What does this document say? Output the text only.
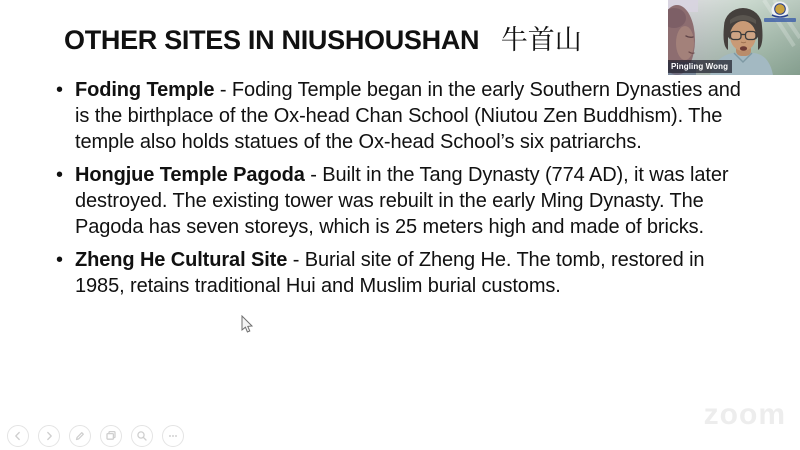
OTHER SITES IN NIUSHOUSHAN 牛首山
• Foding Temple - Foding Temple began in the early Southern Dynasties and is the birthplace of the Ox-head Chan School (Niutou Zen Buddhism). The temple also holds statues of the Ox-head School’s six patriarchs.
• Hongjue Temple Pagoda - Built in the Tang Dynasty (774 AD), it was later destroyed. The existing tower was rebuilt in the early Ming Dynasty. The Pagoda has seven storeys, which is 25 meters high and made of bricks.
• Zheng He Cultural Site - Burial site of Zheng He. The tomb, restored in 1985, retains traditional Hui and Muslim burial customs.
Pingling Wong
zoom
